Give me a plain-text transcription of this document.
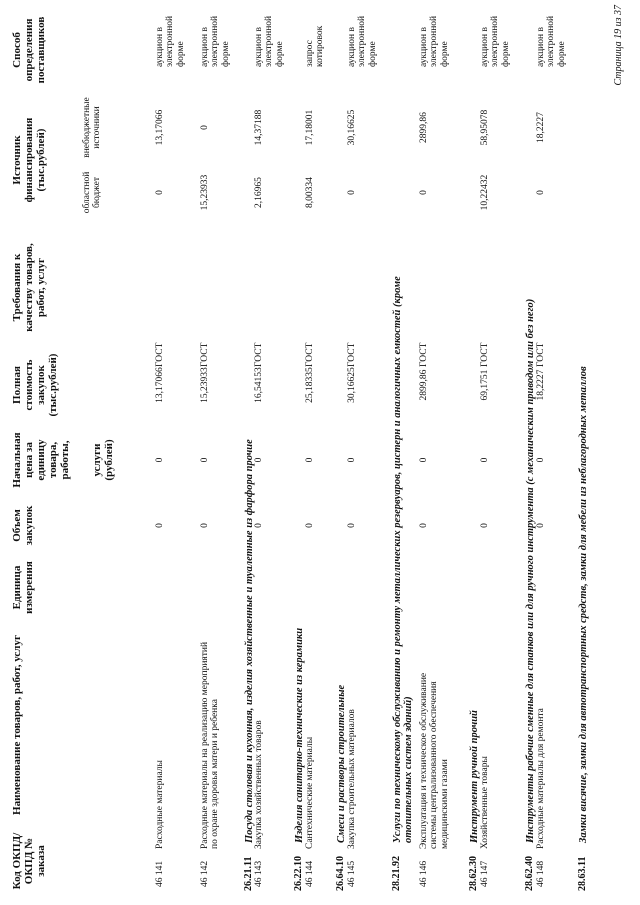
Код ОКПД/ ОКПД № заказа
Наименование товаров, работ, услуг
Единица измерения
Объем закупок
Начальная цена за единицу товара, работы, услуги (рублей)
Полная стоимость закупок (тыс.рублей)
Требования к качеству товаров, работ, услуг
Источник финансирования (тыс.рублей)
областной бюджет
внебюджетные источники
Способ определения поставщиков
46 141
Расходные материалы
0
0
13,17066
ГОСТ
0
13,17066
аукцион в электронной форме
46 142
Расходные материалы на реализацию мероприятий по охране здоровья матери и ребенка
0
0
15,23933
ГОСТ
15,23933
0
аукцион в электронной форме
26.21.11
Посуда столовая и кухонная, изделия хозяйственные и туалетные из фарфора прочие
46 143
Закупка хозяйственных товаров
0
0
16,54153
ГОСТ
2,16965
14,37188
аукцион в электронной форме
26.22.10
Изделия санитарно-технические из керамики
46 144
Сантехнические материалы
0
0
25,18335
ГОСТ
8,00334
17,18001
запрос котировок
26.64.10
Смеси и растворы строительные
46 145
Закупка строительных материалов
0
0
30,16625
ГОСТ
0
30,16625
аукцион в электронной форме
28.21.92
Услуги по техническому обслуживанию и ремонту металлических резервуаров, цистерн и аналогичных емкостей (кроме отопительных систем зданий)
46 146
Эксплуатация и техническое обслуживание системы централизованного обеспечения медицинскими газами
0
0
2899,86
ГОСТ
0
2899,86
аукцион в электронной форме
28.62.30
Инструмент ручной прочий
46 147
Хозяйственные товары
0
0
69,1751
ГОСТ
10,22432
58,95078
аукцион в электронной форме
28.62.40
Инструменты рабочие сменные для станков или для ручного инструмента (с механическим приводом или без него)
46 148
Расходные материалы для ремонта
0
0
18,2227
ГОСТ
0
18,2227
аукцион в электронной форме
28.63.11
Замки висячие, замки для автотранспортных средств, замки для мебели из неблагородных металлов
Страница 19 из 37
